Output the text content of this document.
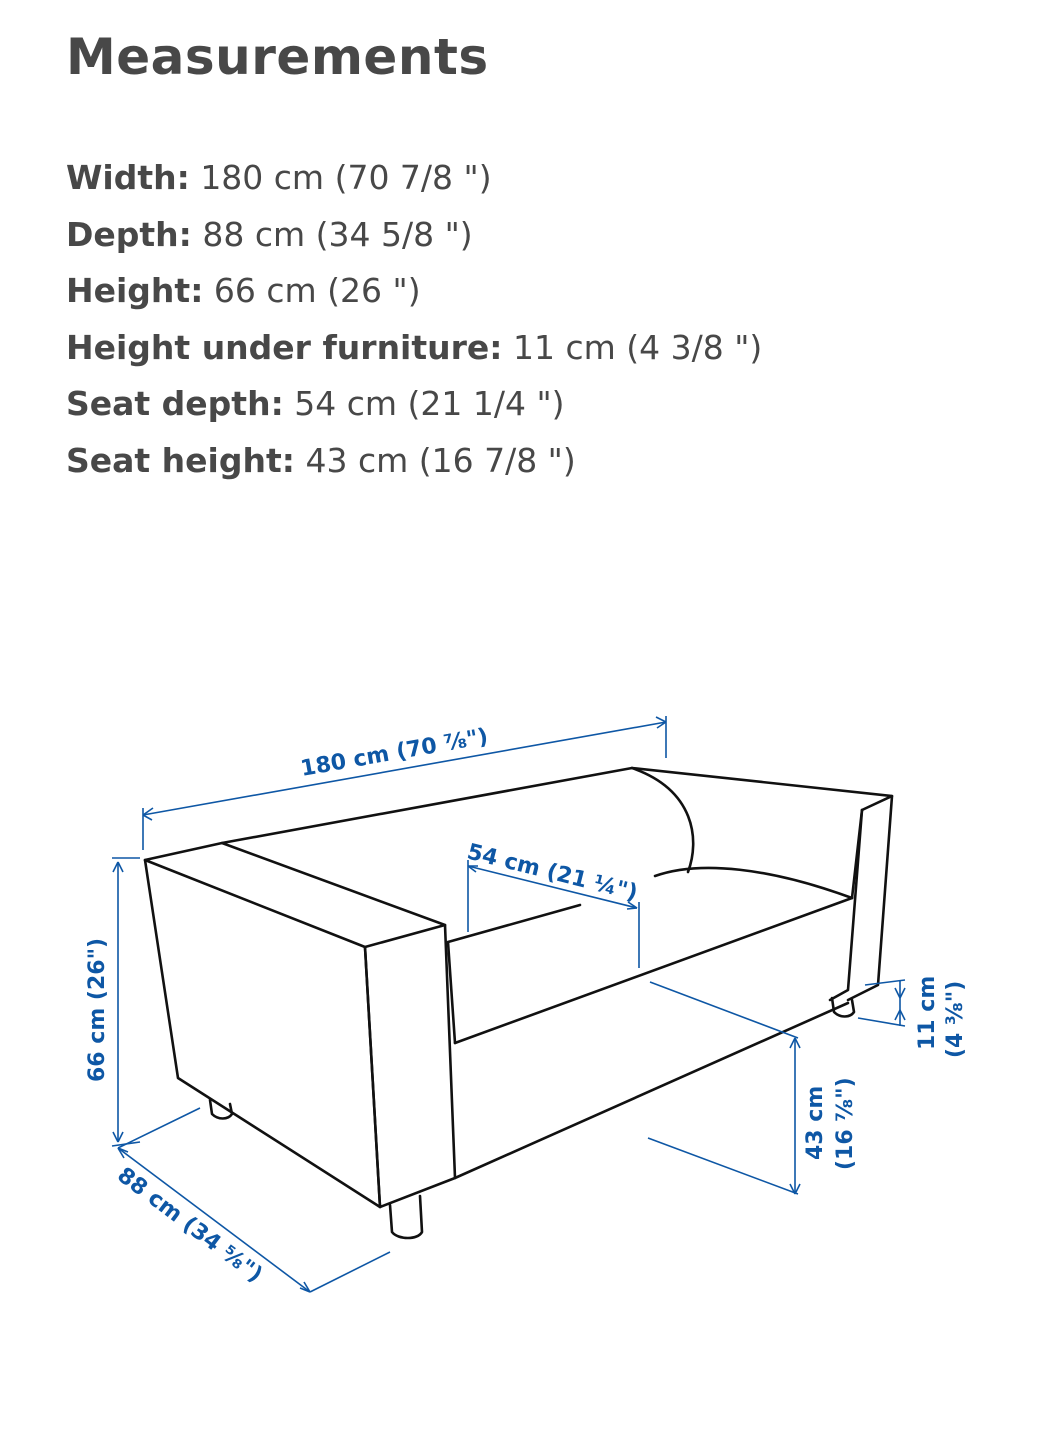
Measurements
Width: 180 cm (70 7/8 ")
Depth: 88 cm (34 5/8 ")
Height: 66 cm (26 ")
Height under furniture: 11 cm (4 3/8 ")
Seat depth: 54 cm (21 1/4 ")
Seat height: 43 cm (16 7/8 ")
180 cm (70 ⅞")
54 cm (21 ¼")
66 cm (26")
88 cm (34 ⅝")
43 cm (16 ⅞")
11 cm (4 ⅜")
